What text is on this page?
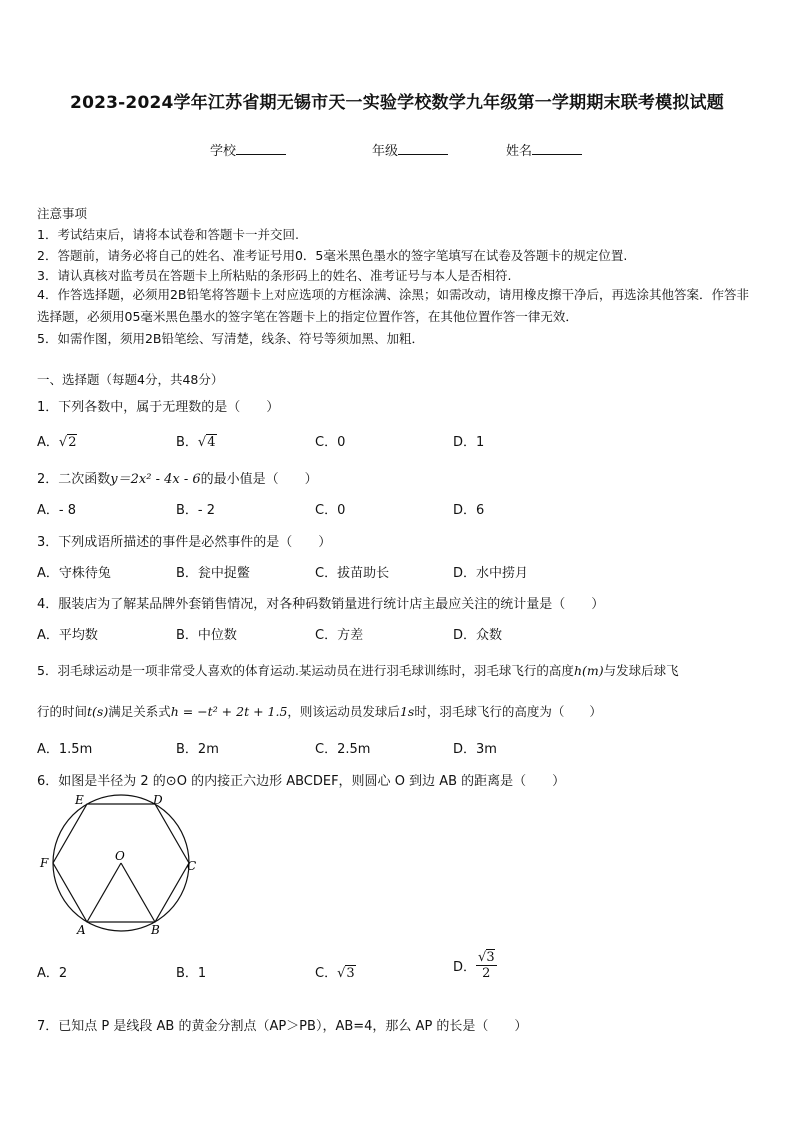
2023-2024学年江苏省期无锡市天一实验学校数学九年级第一学期期末联考模拟试题
学校	年级	姓名
注意事项
1．考试结束后，请将本试卷和答题卡一并交回.
2．答题前，请务必将自己的姓名、准考证号用0．5毫米黑色墨水的签字笔填写在试卷及答题卡的规定位置.
3．请认真核对监考员在答题卡上所粘贴的条形码上的姓名、准考证号与本人是否相符.
4．作答选择题，必须用2B铅笔将答题卡上对应选项的方框涂满、涂黑；如需改动，请用橡皮擦干净后，再选涂其他答案．作答非选择题，必须用05毫米黑色墨水的签字笔在答题卡上的指定位置作答，在其他位置作答一律无效．
5．如需作图，须用2B铅笔绘、写清楚，线条、符号等须加黑、加粗．
一、选择题（每题4分，共48分）
1．下列各数中，属于无理数的是（　　）
A．√2	B．√4	C．0	D．1
2．二次函数y＝2x² - 4x - 6的最小值是（　　）
A．- 8	B．- 2	C．0	D．6
3．下列成语所描述的事件是必然事件的是（　　）
A．守株待兔	B．瓮中捉鳖	C．拔苗助长	D．水中捞月
4．服装店为了解某品牌外套销售情况，对各种码数销量进行统计店主最应关注的统计量是（　　）
A．平均数	B．中位数	C．方差	D．众数
5．羽毛球运动是一项非常受人喜欢的体育运动.某运动员在进行羽毛球训练时，羽毛球飞行的高度h(m)与发球后球飞
行的时间t(s)满足关系式h = −t² + 2t + 1.5，则该运动员发球后1s时，羽毛球飞行的高度为（　　）
A．1.5m	B．2m	C．2.5m	D．3m
6．如图是半径为 2 的⊙O 的内接正六边形 ABCDEF，则圆心 O 到边 AB 的距离是（　　）
E	D
F	C
O
A	B
A．2	B．1	C．√3	D． $\frac{√3}{2}$
7．已知点 P 是线段 AB 的黄金分割点（AP＞PB），AB=4，那么 AP 的长是（　　）
